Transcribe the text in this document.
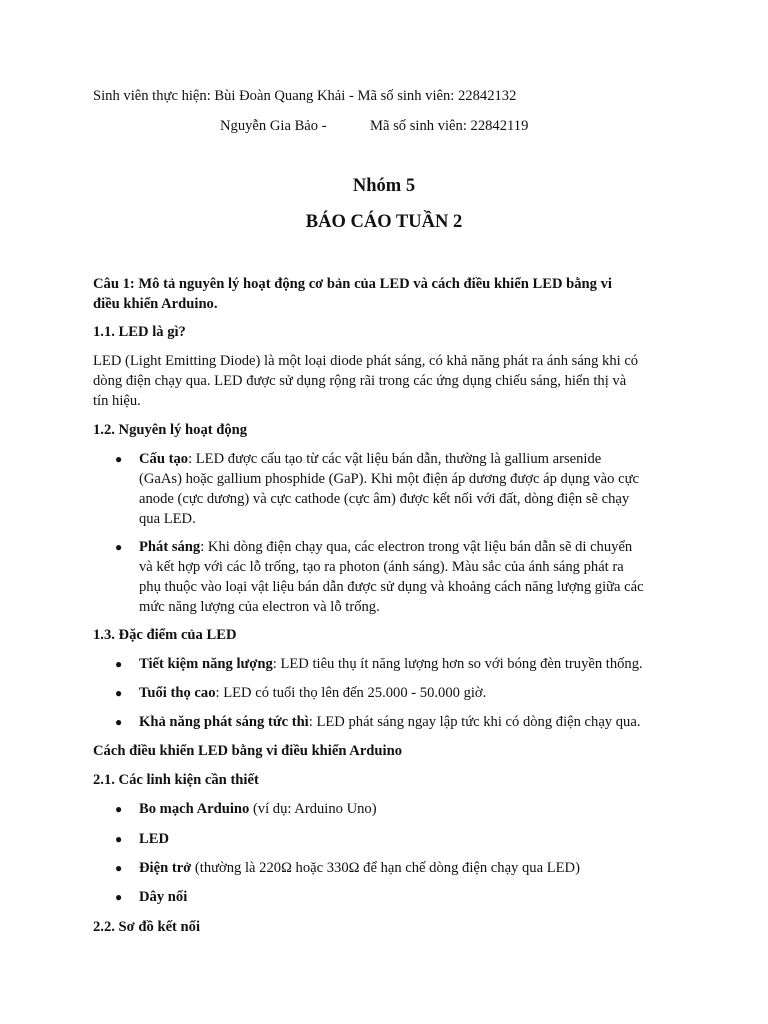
Sinh viên thực hiện: Bùi Đoàn Quang Khải - Mã số sinh viên: 22842132
Nguyễn Gia Bảo -	Mã số sinh viên: 22842119
Nhóm 5
BÁO CÁO TUẦN 2
Câu 1: Mô tả nguyên lý hoạt động cơ bản của LED và cách điều khiển LED bằng vi
điều khiển Arduino.
1.1. LED là gì?
LED (Light Emitting Diode) là một loại diode phát sáng, có khả năng phát ra ánh sáng khi có
dòng điện chạy qua. LED được sử dụng rộng rãi trong các ứng dụng chiếu sáng, hiển thị và
tín hiệu.
1.2. Nguyên lý hoạt động
● Cấu tạo: LED được cấu tạo từ các vật liệu bán dẫn, thường là gallium arsenide
(GaAs) hoặc gallium phosphide (GaP). Khi một điện áp dương được áp dụng vào cực
anode (cực dương) và cực cathode (cực âm) được kết nối với đất, dòng điện sẽ chạy
qua LED.
● Phát sáng: Khi dòng điện chạy qua, các electron trong vật liệu bán dẫn sẽ di chuyển
và kết hợp với các lỗ trống, tạo ra photon (ánh sáng). Màu sắc của ánh sáng phát ra
phụ thuộc vào loại vật liệu bán dẫn được sử dụng và khoảng cách năng lượng giữa các
mức năng lượng của electron và lỗ trống.
1.3. Đặc điểm của LED
● Tiết kiệm năng lượng: LED tiêu thụ ít năng lượng hơn so với bóng đèn truyền thống.
● Tuổi thọ cao: LED có tuổi thọ lên đến 25.000 - 50.000 giờ.
● Khả năng phát sáng tức thì: LED phát sáng ngay lập tức khi có dòng điện chạy qua.
Cách điều khiển LED bằng vi điều khiển Arduino
2.1. Các linh kiện cần thiết
● Bo mạch Arduino (ví dụ: Arduino Uno)
● LED
● Điện trở (thường là 220Ω hoặc 330Ω để hạn chế dòng điện chạy qua LED)
● Dây nối
2.2. Sơ đồ kết nối
